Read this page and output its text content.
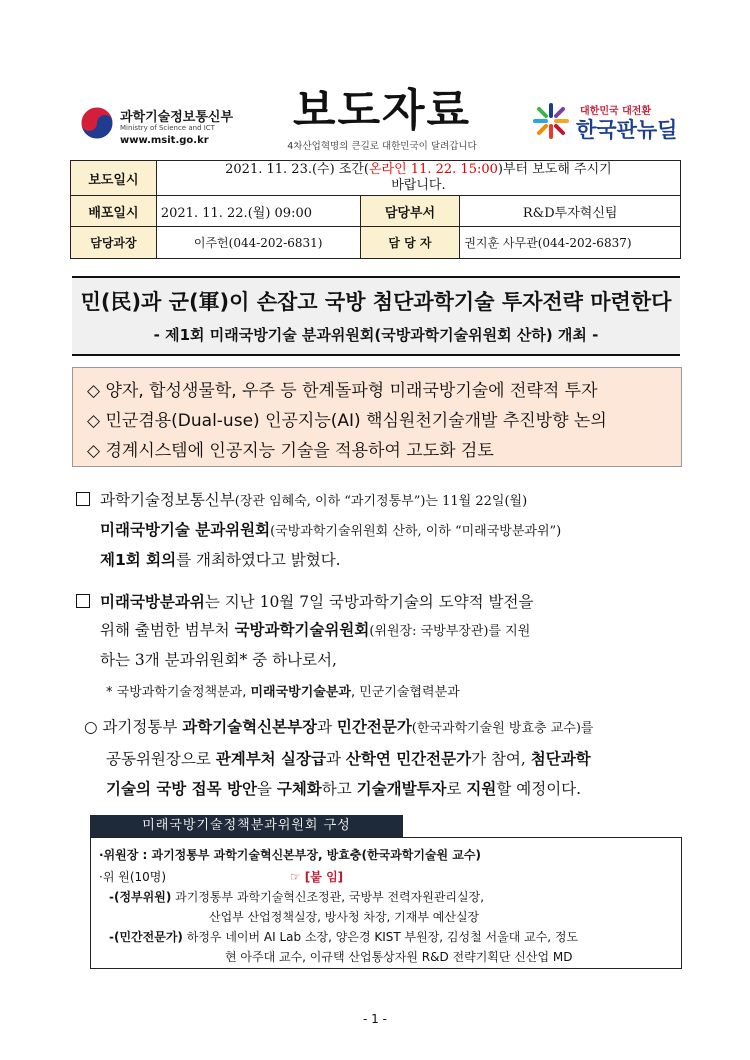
과학기술정보통신부
Ministry of Science and ICT
www.msit.go.kr
보도자료
4차산업혁명의 큰길로 대한민국이 달려갑니다
대한민국 대전환
한국판뉴딜
보도일시	2021. 11. 23.(수) 조간(온라인 11. 22. 15:00)부터 보도해 주시기
바랍니다.		
배포일시	2021. 11. 22.(월) 09:00	담당부서	R&D투자혁신팀
담당과장	이주헌(044-202-6831)	담 당 자	권지훈 사무관(044-202-6837)
민(民)과 군(軍)이 손잡고 국방 첨단과학기술 투자전략 마련한다
- 제1회 미래국방기술 분과위원회(국방과학기술위원회 산하) 개최 -
◇ 양자, 합성생물학, 우주 등 한계돌파형 미래국방기술에 전략적 투자
◇ 민군겸용(Dual-use) 인공지능(AI) 핵심원천기술개발 추진방향 논의
◇ 경계시스템에 인공지능 기술을 적용하여 고도화 검토
과학기술정보통신부(장관 임혜숙, 이하 “과기정통부”)는 11월 22일(월)
미래국방기술 분과위원회(국방과학기술위원회 산하, 이하 “미래국방분과위”)
제1회 회의를 개최하였다고 밝혔다.
미래국방분과위는 지난 10월 7일 국방과학기술의 도약적 발전을
위해 출범한 범부처 국방과학기술위원회(위원장: 국방부장관)를 지원
하는 3개 분과위원회* 중 하나로서,
* 국방과학기술정책분과, 미래국방기술분과, 민군기술협력분과
○ 과기정통부 과학기술혁신본부장과 민간전문가(한국과학기술원 방효충 교수)를
공동위원장으로 관계부처 실장급과 산학연 민간전문가가 참여, 첨단과학
기술의 국방 접목 방안을 구체화하고 기술개발투자로 지원할 예정이다.
미래국방기술정책분과위원회 구성
·위원장 : 과기정통부 과학기술혁신본부장, 방효충(한국과학기술원 교수)
·위 원(10명)	☞ [붙 임]
-(정부위원) 과기정통부 과학기술혁신조정관, 국방부 전력자원관리실장,
산업부 산업정책실장, 방사청 차장, 기재부 예산실장
-(민간전문가) 하정우 네이버 AI Lab 소장, 양은경 KIST 부원장, 김성철 서울대 교수, 정도
현 아주대 교수, 이규택 산업통상자원 R&D 전략기획단 신산업 MD
- 1 -
